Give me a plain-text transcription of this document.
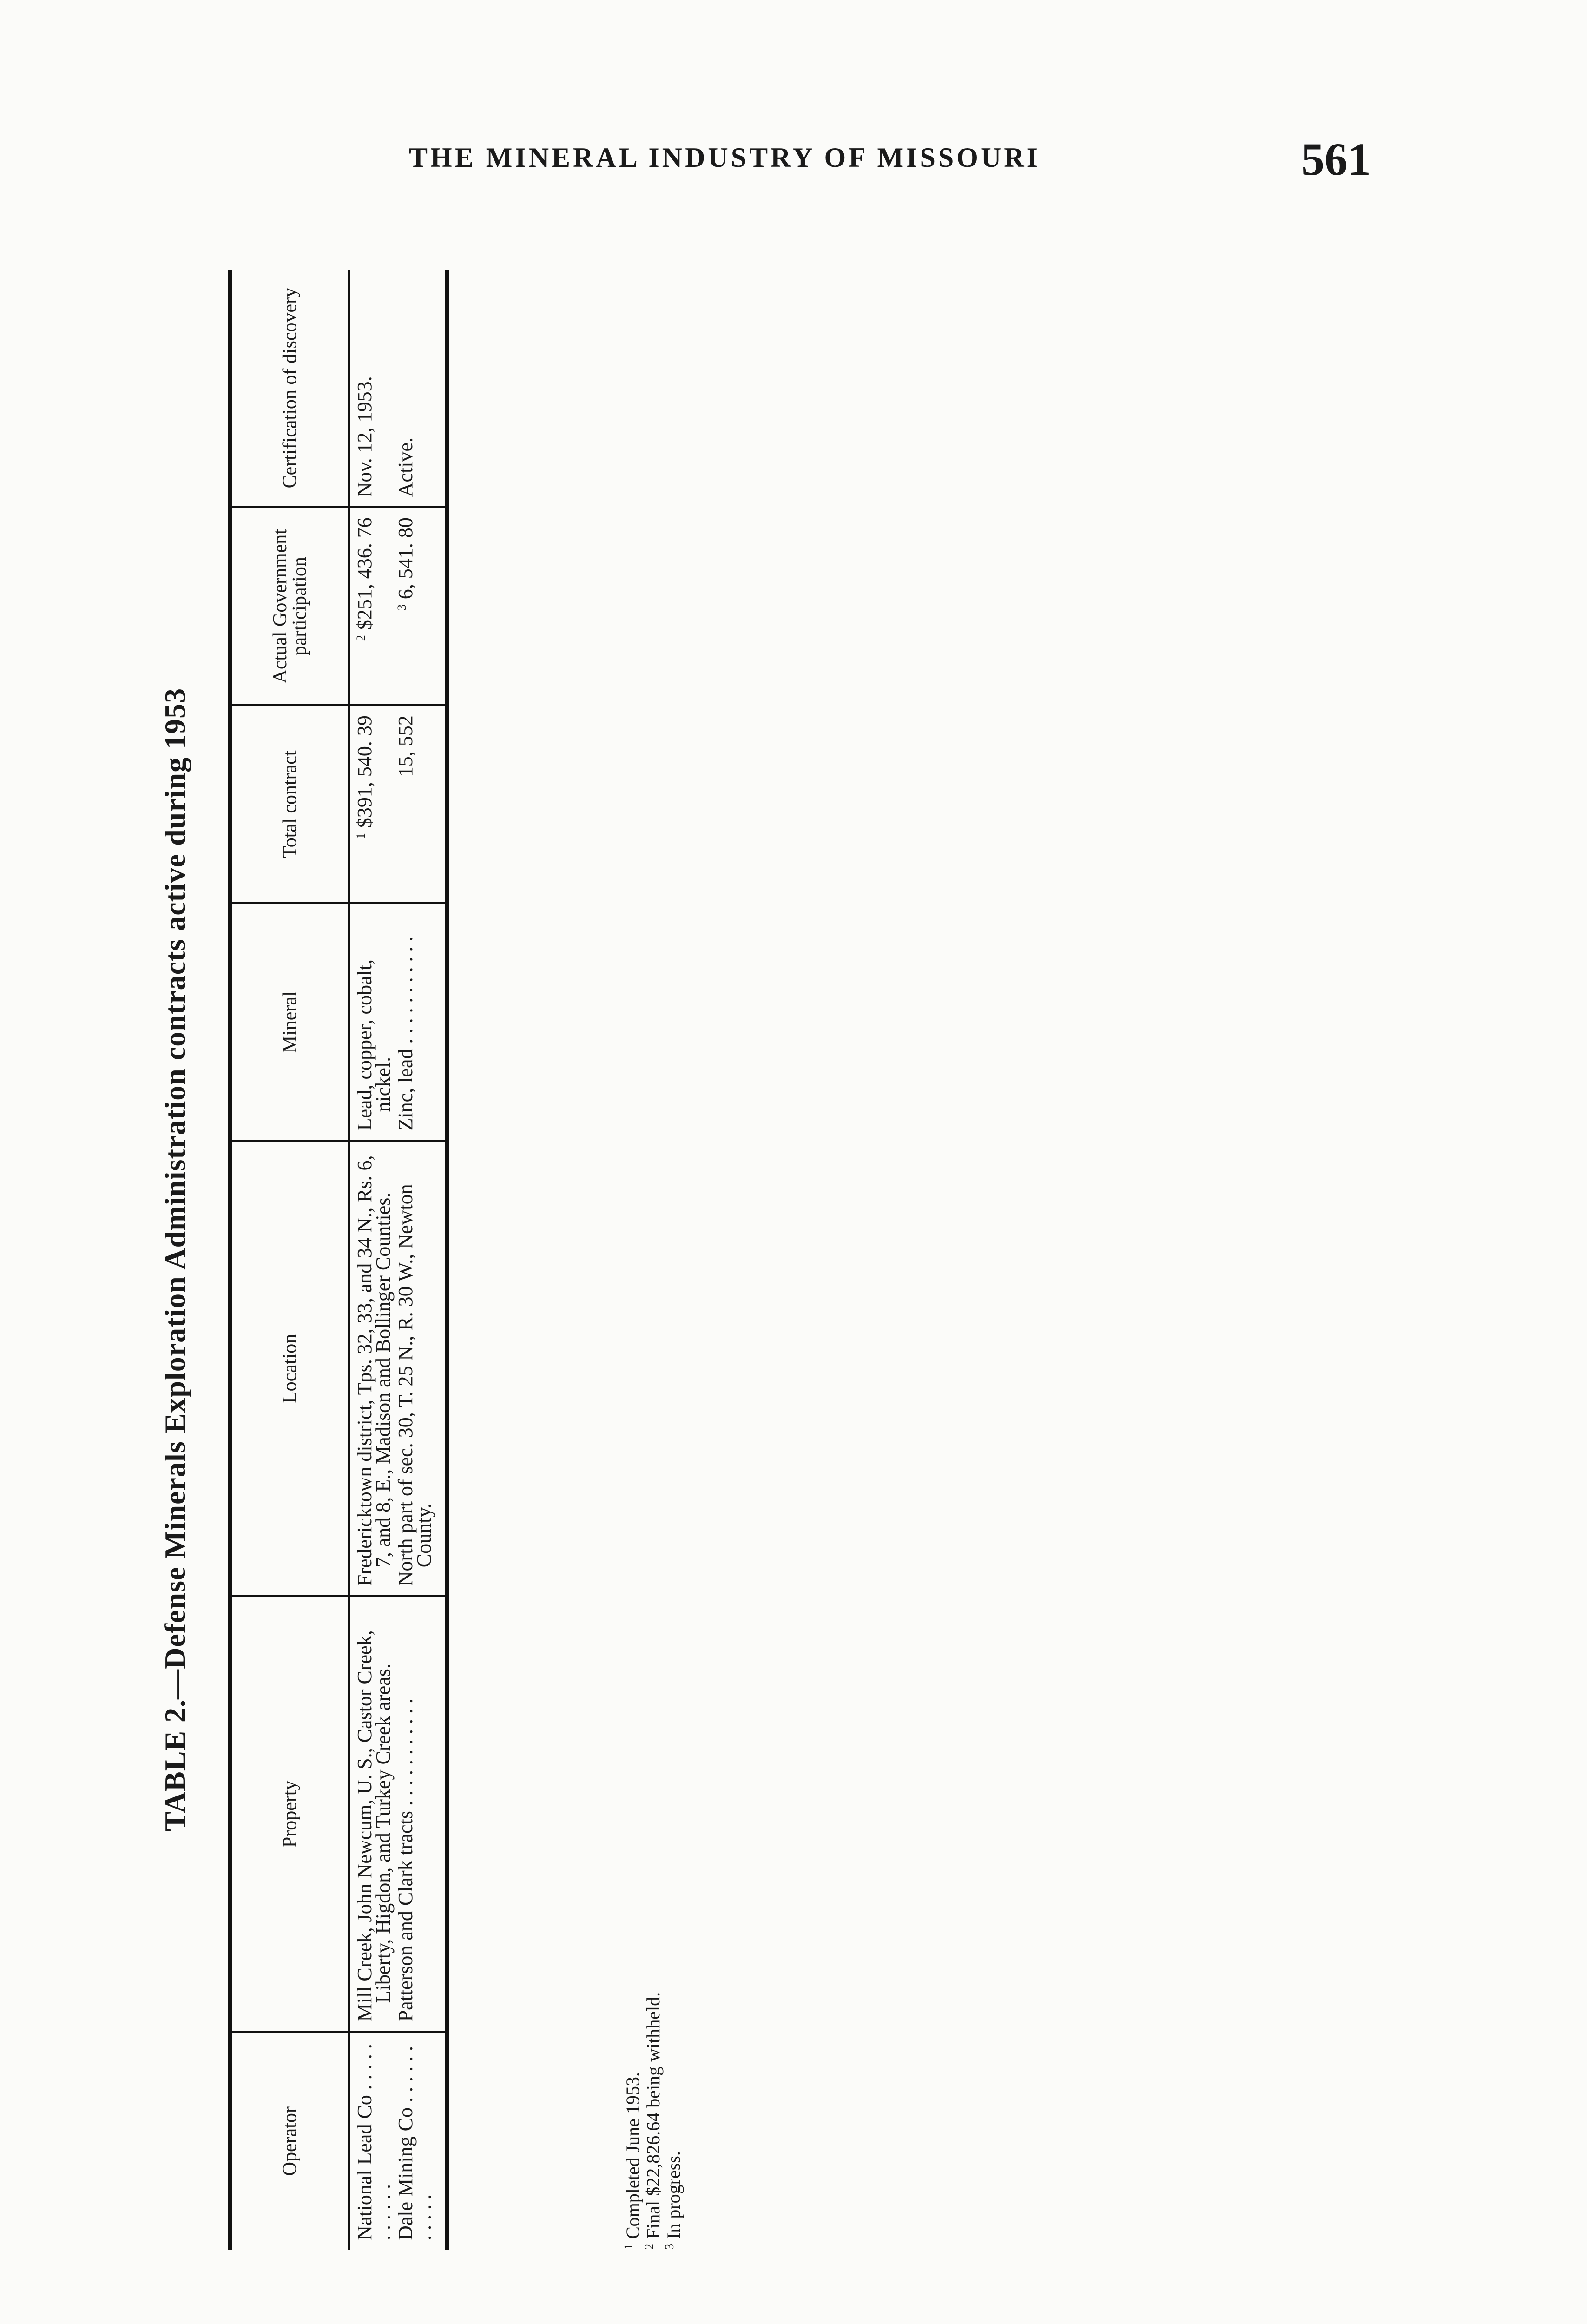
THE MINERAL INDUSTRY OF MISSOURI	561
TABLE 2.—Defense Minerals Exploration Administration contracts active during 1953
Operator	Property	Location	Mineral	Total contract	Actual Government participation	Certification of discovery

National Lead Co . . .	Mill Creek, John Newcum, U. S., Castor Creek, Liberty, Higdon, and Turkey Creek areas.	Fredericktown district, Tps. 32, 33, and 34 N., Rs. 6, 7, and 8, E., Madison and Bollinger Counties.	Lead, copper, cobalt, nickel.	$^1$ $391, 540. 39	$^2$ $251, 436. 76	Nov. 12, 1953.

Dale Mining Co . . .	Patterson and Clark tracts . . .	North part of sec. 30, T. 25 N., R. 30 W., Newton County.	Zinc, lead . . .	15, 552	$^3$ 6, 541. 80	Active.
$^1$ Completed June 1953.
$^2$ Final $22,826.64 being withheld.
$^3$ In progress.
